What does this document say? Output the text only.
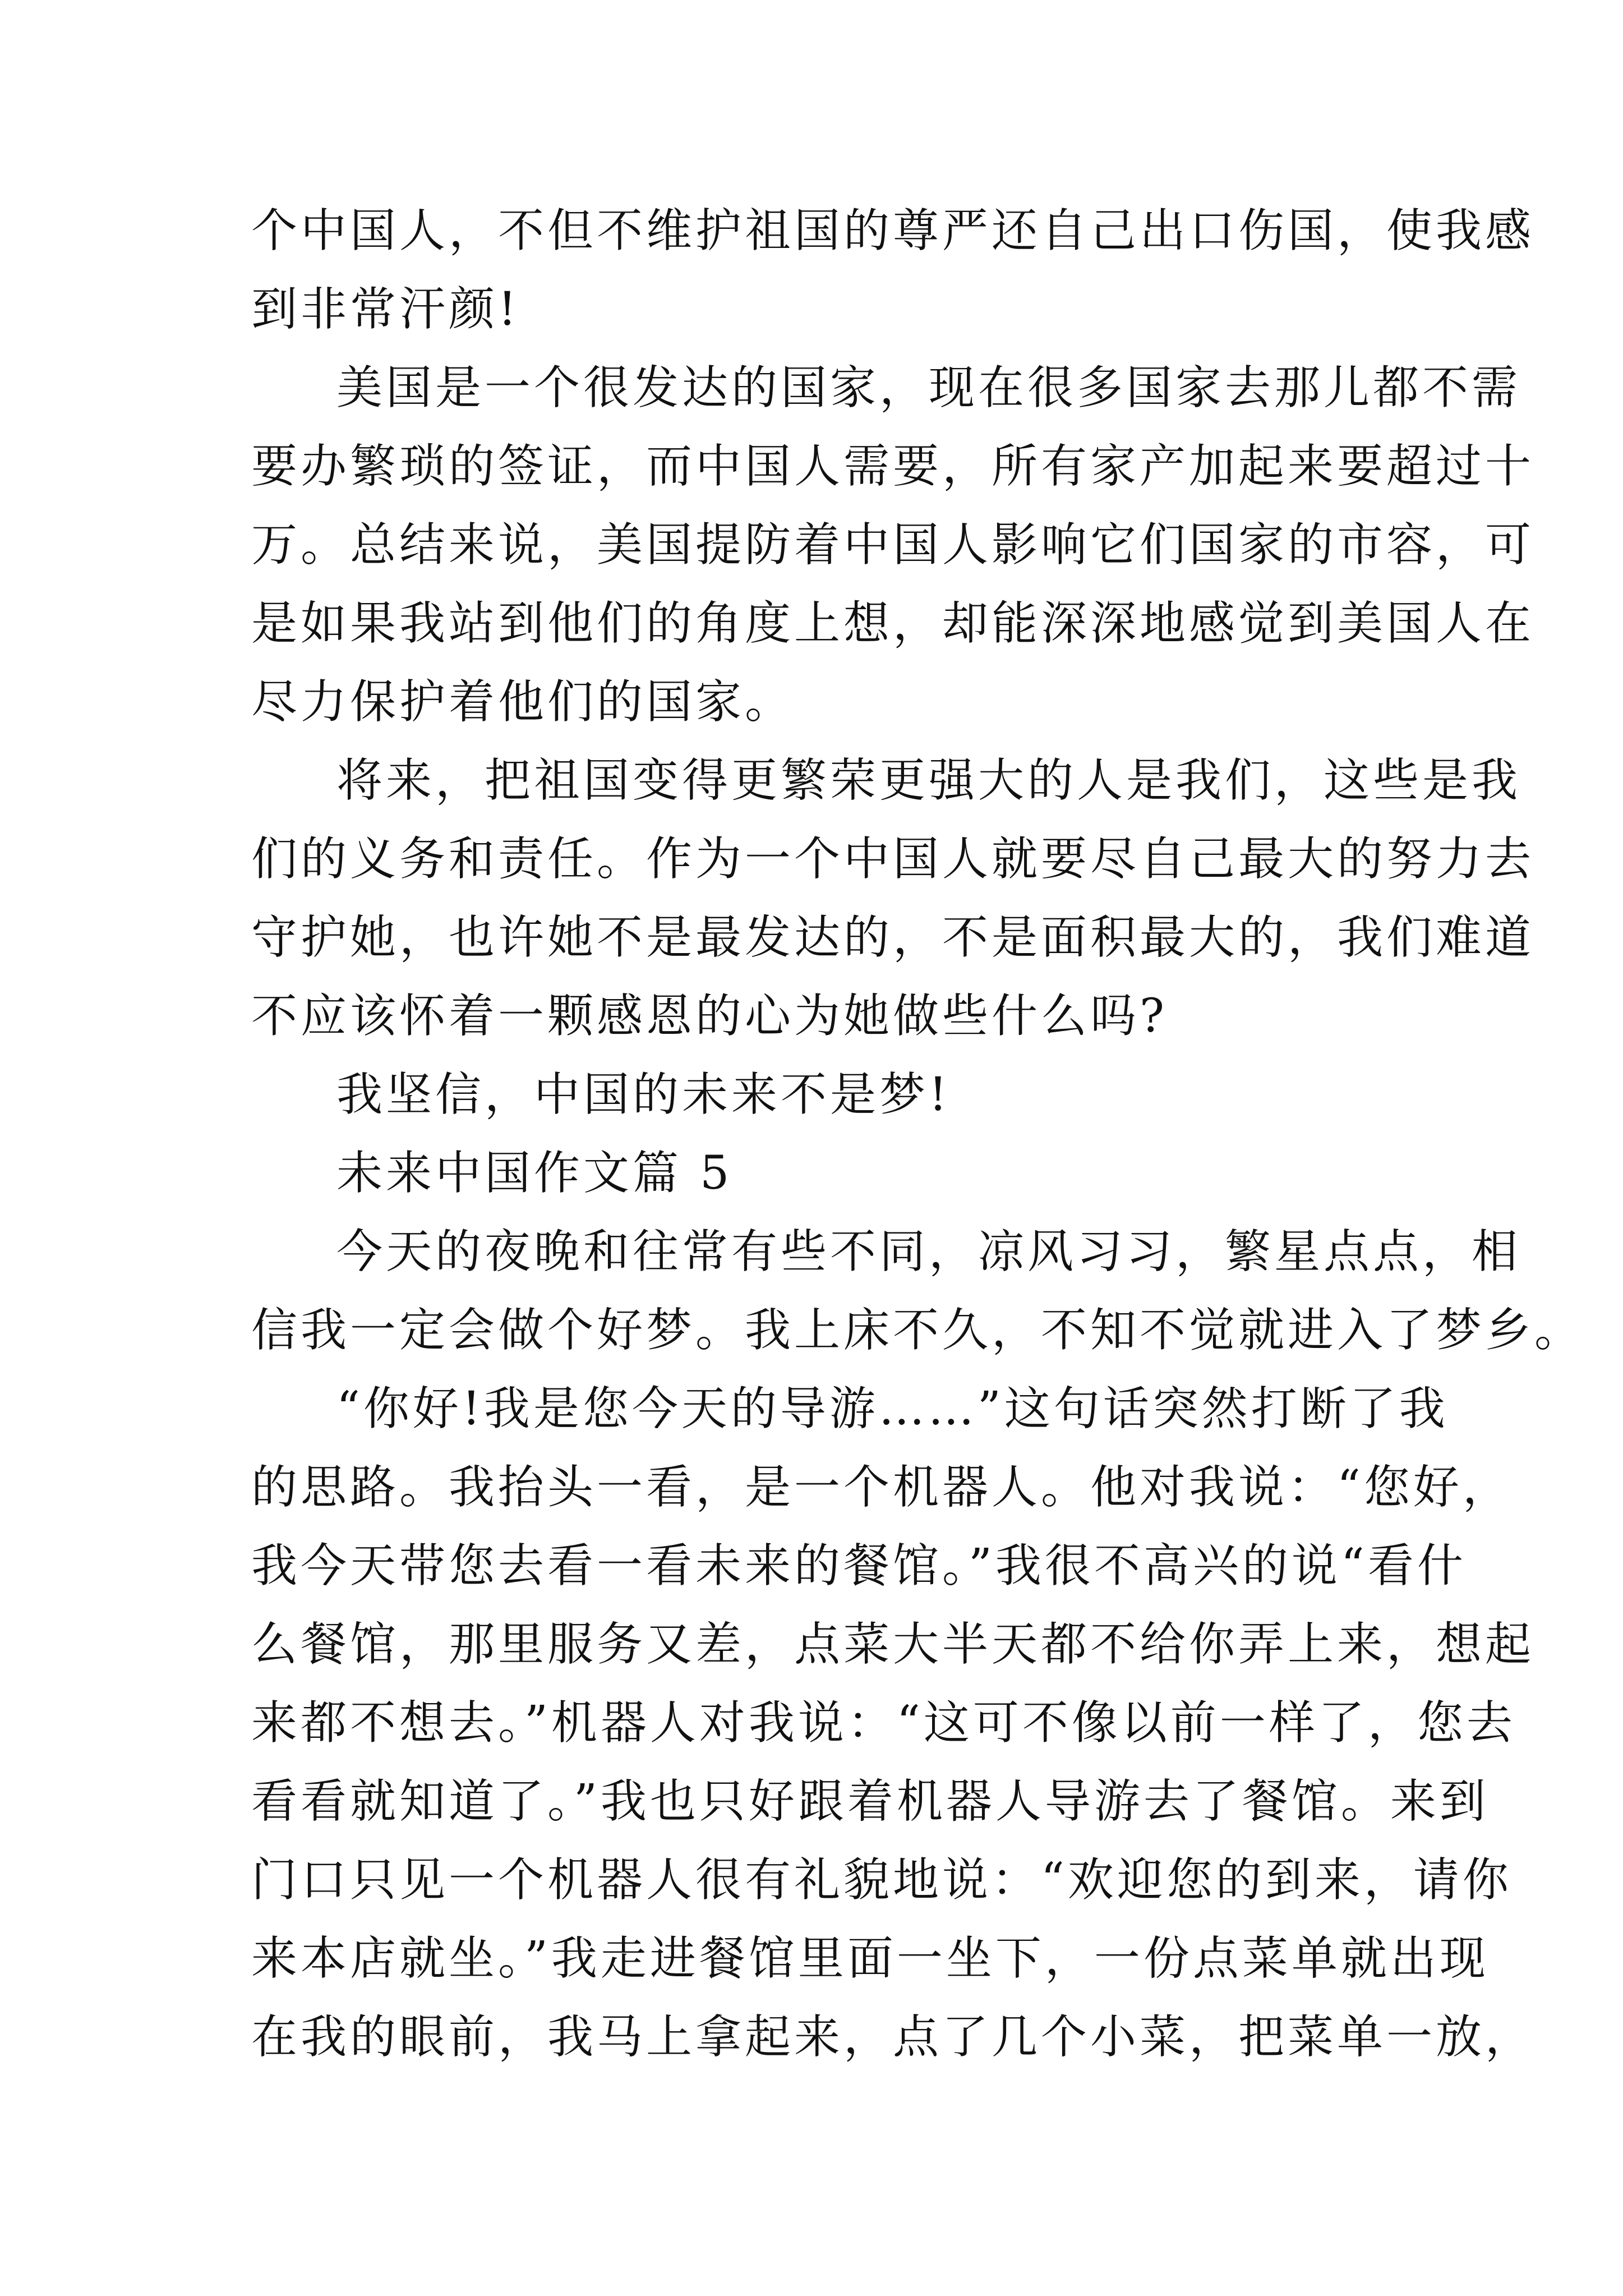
个中国人，不但不维护祖国的尊严还自己出口伤国，使我感
到非常汗颜!
美国是一个很发达的国家，现在很多国家去那儿都不需
要办繁琐的签证，而中国人需要，所有家产加起来要超过十
万。总结来说，美国提防着中国人影响它们国家的市容，可
是如果我站到他们的角度上想，却能深深地感觉到美国人在
尽力保护着他们的国家。
将来，把祖国变得更繁荣更强大的人是我们，这些是我
们的义务和责任。作为一个中国人就要尽自己最大的努力去
守护她，也许她不是最发达的，不是面积最大的，我们难道
不应该怀着一颗感恩的心为她做些什么吗?
我坚信，中国的未来不是梦!
未来中国作文篇 5
今天的夜晚和往常有些不同，凉风习习，繁星点点，相
信我一定会做个好梦。我上床不久，不知不觉就进入了梦乡。
“你好!我是您今天的导游……”这句话突然打断了我
的思路。我抬头一看，是一个机器人。他对我说：“您好，
我今天带您去看一看未来的餐馆。”我很不高兴的说“看什
么餐馆，那里服务又差，点菜大半天都不给你弄上来，想起
来都不想去。”机器人对我说：“这可不像以前一样了，您去
看看就知道了。”我也只好跟着机器人导游去了餐馆。来到
门口只见一个机器人很有礼貌地说：“欢迎您的到来，请你
来本店就坐。”我走进餐馆里面一坐下，一份点菜单就出现
在我的眼前，我马上拿起来，点了几个小菜，把菜单一放，
